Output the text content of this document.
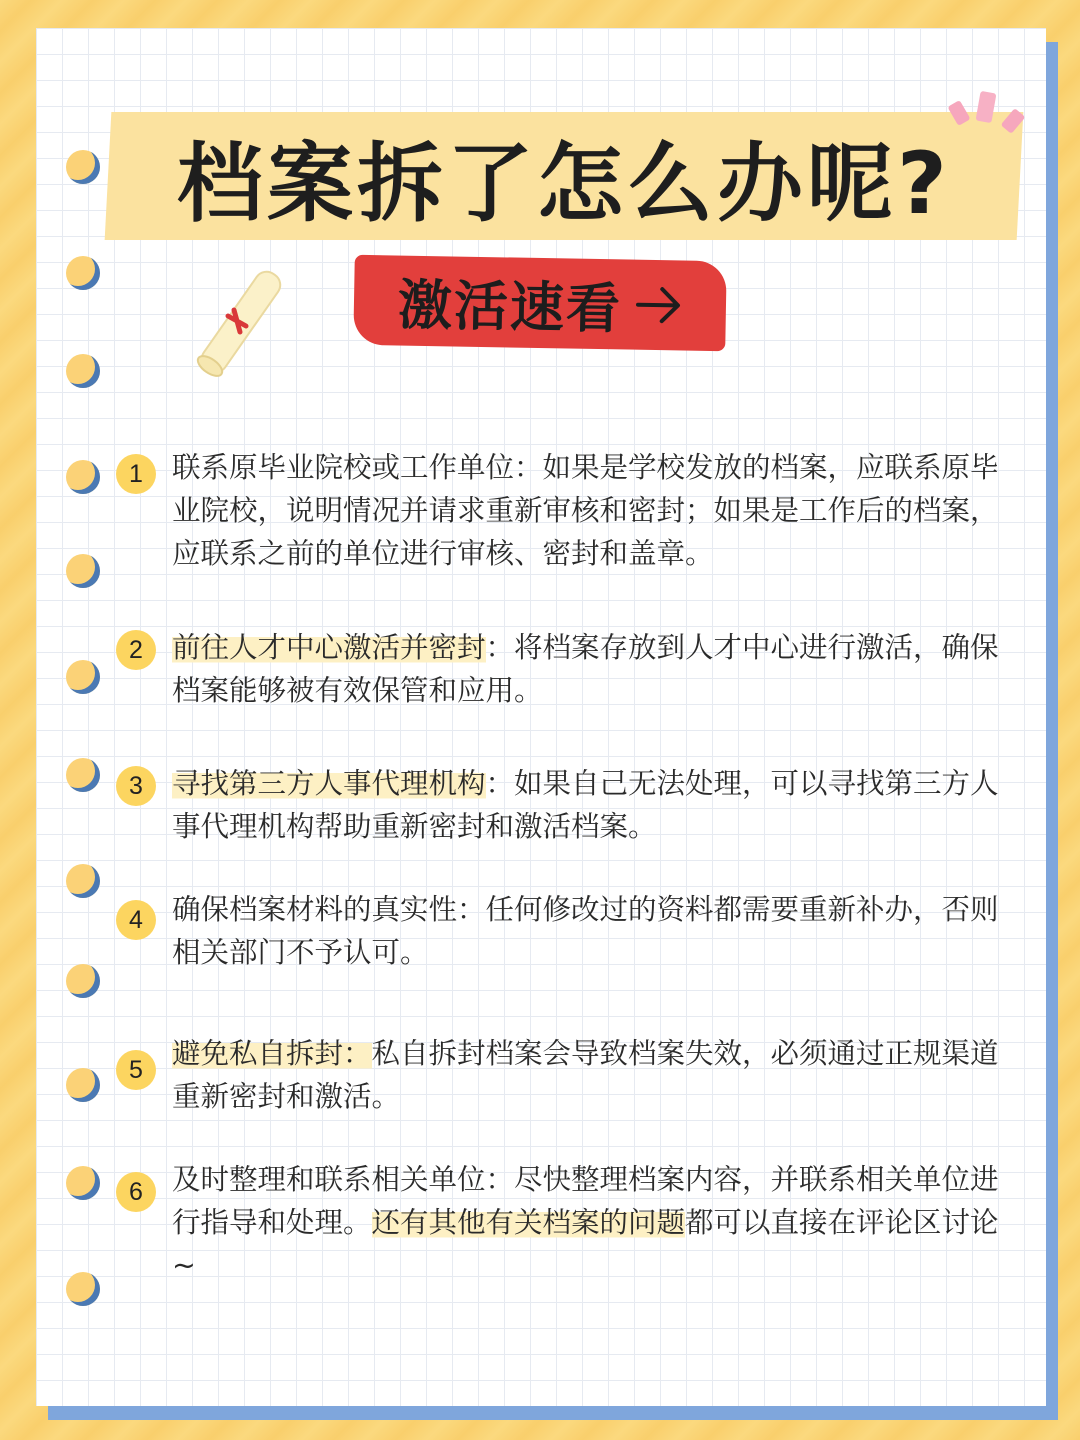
档案拆了怎么办呢?
激活速看
1	联系原毕业院校或工作单位：如果是学校发放的档案，应联系原毕业院校，说明情况并请求重新审核和密封；如果是工作后的档案，应联系之前的单位进行审核、密封和盖章。

2	前往人才中心激活并密封：将档案存放到人才中心进行激活，确保档案能够被有效保管和应用。

3	寻找第三方人事代理机构：如果自己无法处理，可以寻找第三方人事代理机构帮助重新密封和激活档案。

4	确保档案材料的真实性：任何修改过的资料都需要重新补办，否则相关部门不予认可。

5	避免私自拆封：私自拆封档案会导致档案失效，必须通过正规渠道重新密封和激活。

6	及时整理和联系相关单位：尽快整理档案内容，并联系相关单位进行指导和处理。还有其他有关档案的问题都可以直接在评论区讨论~
